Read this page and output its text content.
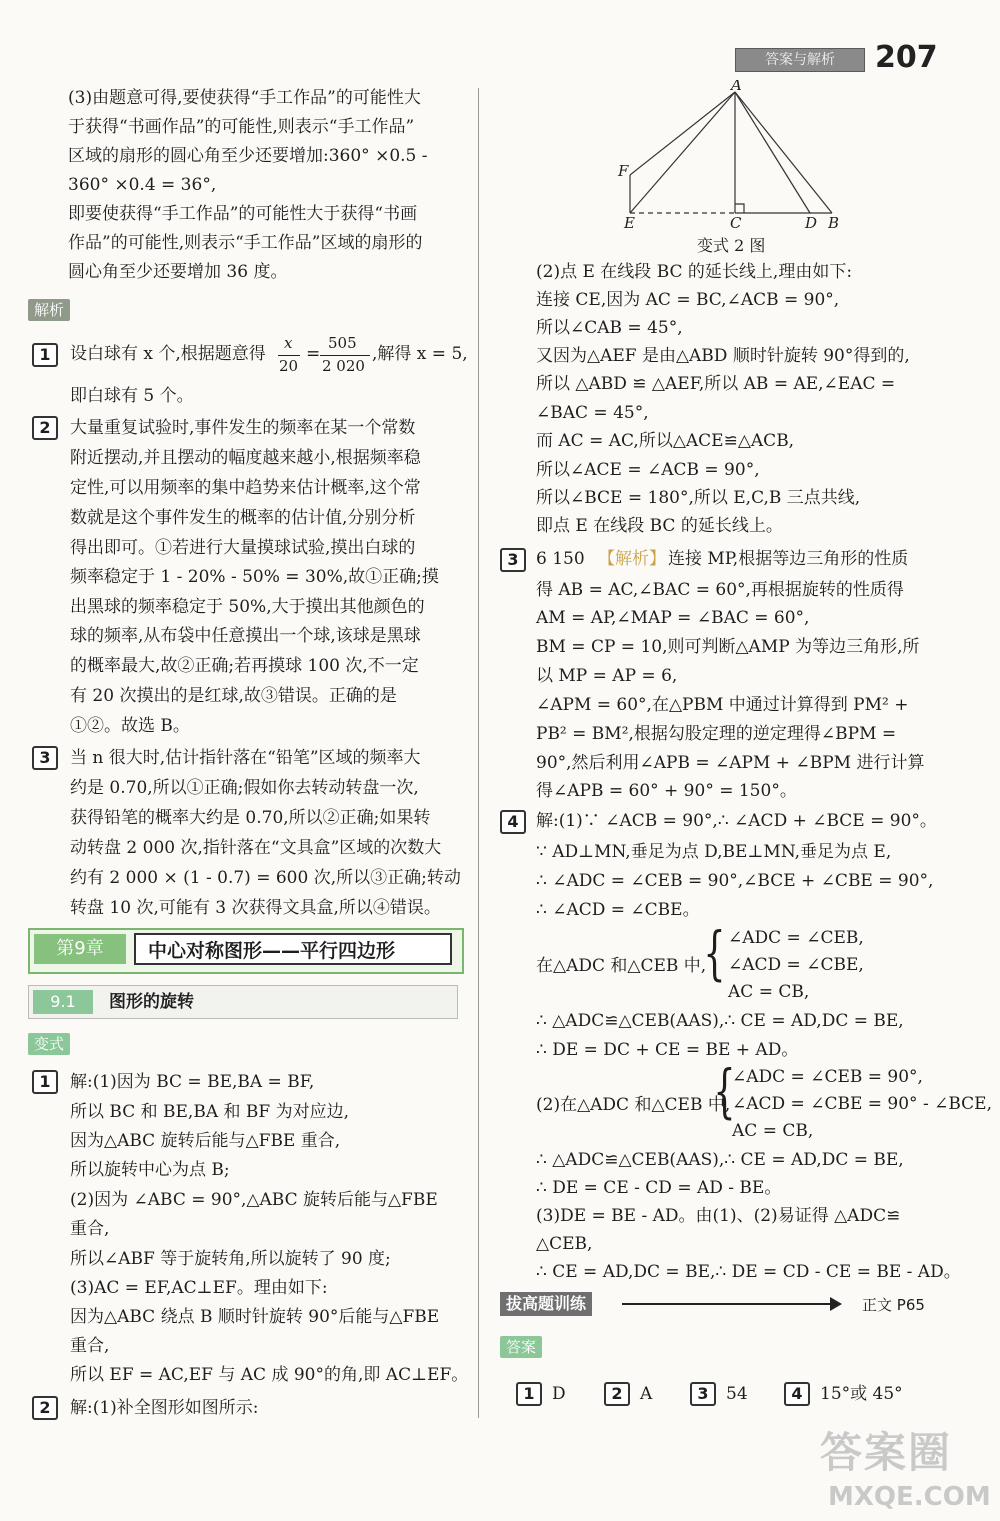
答案与解析	207
(3)由题意可得,要使获得“手工作品”的可能性大
于获得“书画作品”的可能性,则表示“手工作品”
区域的扇形的圆心角至少还要增加:360° ×0.5 -
360° ×0.4 = 36°,
即要使获得“手工作品”的可能性大于获得“书画
作品”的可能性,则表示“手工作品”区域的扇形的
圆心角至少还要增加 36 度。
解析
1	设白球有 x 个,根据题意得
x
20
=
505
2 020
,解得 x = 5,
即白球有 5 个。
2	大量重复试验时,事件发生的频率在某一个常数
附近摆动,并且摆动的幅度越来越小,根据频率稳
定性,可以用频率的集中趋势来估计概率,这个常
数就是这个事件发生的概率的估计值,分别分析
得出即可。①若进行大量摸球试验,摸出白球的
频率稳定于 1 - 20% - 50% = 30%,故①正确;摸
出黑球的频率稳定于 50%,大于摸出其他颜色的
球的频率,从布袋中任意摸出一个球,该球是黑球
的概率最大,故②正确;若再摸球 100 次,不一定
有 20 次摸出的是红球,故③错误。正确的是
①②。故选 B。
3	当 n 很大时,估计指针落在“铅笔”区域的频率大
约是 0.70,所以①正确;假如你去转动转盘一次,
获得铅笔的概率大约是 0.70,所以②正确;如果转
动转盘 2 000 次,指针落在“文具盒”区域的次数大
约有 2 000 × (1 - 0.7) = 600 次,所以③正确;转动
转盘 10 次,可能有 3 次获得文具盒,所以④错误。
第9章	中心对称图形——平行四边形
9.1	图形的旋转
变式
1	解:(1)因为 BC = BE,BA = BF,
所以 BC 和 BE,BA 和 BF 为对应边,
因为△ABC 旋转后能与△FBE 重合,
所以旋转中心为点 B;
(2)因为 ∠ABC = 90°,△ABC 旋转后能与△FBE
重合,
所以∠ABF 等于旋转角,所以旋转了 90 度;
(3)AC = EF,AC⊥EF。理由如下:
因为△ABC 绕点 B 顺时针旋转 90°后能与△FBE
重合,
所以 EF = AC,EF 与 AC 成 90°的角,即 AC⊥EF。
2	解:(1)补全图形如图所示:
A
F
E	C	D B
变式 2 图
(2)点 E 在线段 BC 的延长线上,理由如下:
连接 CE,因为 AC = BC,∠ACB = 90°,
所以∠CAB = 45°,
又因为△AEF 是由△ABD 顺时针旋转 90°得到的,
所以 △ABD ≌ △AEF,所以 AB = AE,∠EAC =
∠BAC = 45°,
而 AC = AC,所以△ACE≌△ACB,
所以∠ACE = ∠ACB = 90°,
所以∠BCE = 180°,所以 E,C,B 三点共线,
即点 E 在线段 BC 的延长线上。
3	6 150 【解析】 连接 MP,根据等边三角形的性质
得 AB = AC,∠BAC = 60°,再根据旋转的性质得
AM = AP,∠MAP = ∠BAC = 60°,
BM = CP = 10,则可判断△AMP 为等边三角形,所
以 MP = AP = 6,
∠APM = 60°,在△PBM 中通过计算得到 PM² +
PB² = BM²,根据勾股定理的逆定理得∠BPM =
90°,然后利用∠APB = ∠APM + ∠BPM 进行计算
得∠APB = 60° + 90° = 150°。
4	解:(1)∵ ∠ACB = 90°,∴ ∠ACD + ∠BCE = 90°。
∵ AD⊥MN,垂足为点 D,BE⊥MN,垂足为点 E,
∴ ∠ADC = ∠CEB = 90°,∠BCE + ∠CBE = 90°,
∴ ∠ACD = ∠CBE。
在△ADC 和△CEB 中,
{ ∠ADC = ∠CEB,
∠ACD = ∠CBE,
AC = CB,
∴ △ADC≌△CEB(AAS),∴ CE = AD,DC = BE,
∴ DE = DC + CE = BE + AD。
(2)在△ADC 和△CEB 中,
{
∠ADC = ∠CEB = 90°,
∠ACD = ∠CBE = 90° - ∠BCE,
AC = CB,
∴ △ADC≌△CEB(AAS),∴ CE = AD,DC = BE,
∴ DE = CE - CD = AD - BE。
(3)DE = BE - AD。由(1)、(2)易证得 △ADC≌
△CEB,
∴ CE = AD,DC = BE,∴ DE = CD - CE = BE - AD。
拔高题训练	正文 P65
答案
1	D	2	A	3	54	4	15°或 45°
答案圈
MXQE.COM
